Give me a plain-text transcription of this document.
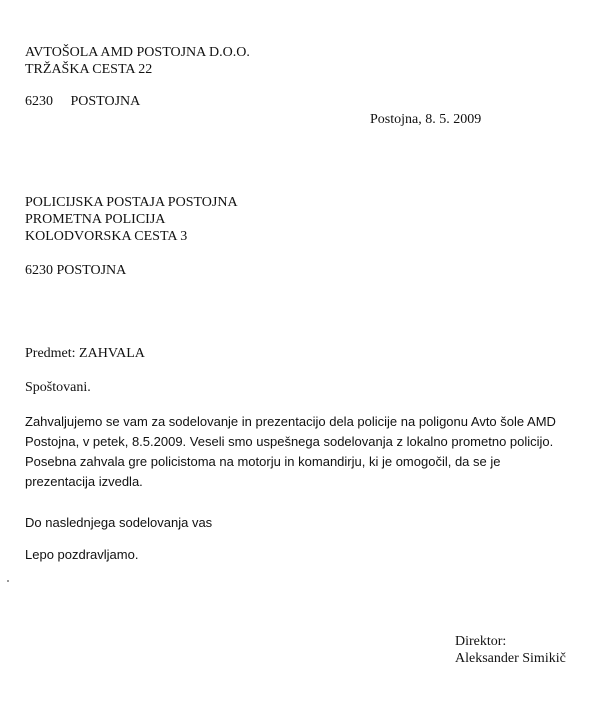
AVTOŠOLA AMD POSTOJNA D.O.O.
TRŽAŠKA CESTA 22
6230 POSTOJNA
Postojna, 8. 5. 2009
POLICIJSKA POSTAJA POSTOJNA
PROMETNA POLICIJA
KOLODVORSKA CESTA 3
6230 POSTOJNA
Predmet: ZAHVALA
Spoštovani.
Zahvaljujemo se vam za sodelovanje in prezentacijo dela policije na poligonu Avto šole AMD
Postojna, v petek, 8.5.2009. Veseli smo uspešnega sodelovanja z lokalno prometno policijo.
Posebna zahvala gre policistoma na motorju in komandirju, ki je omogočil, da se je
prezentacija izvedla.
Do naslednjega sodelovanja vas
Lepo pozdravljamo.
Direktor:
Aleksander Simikič
